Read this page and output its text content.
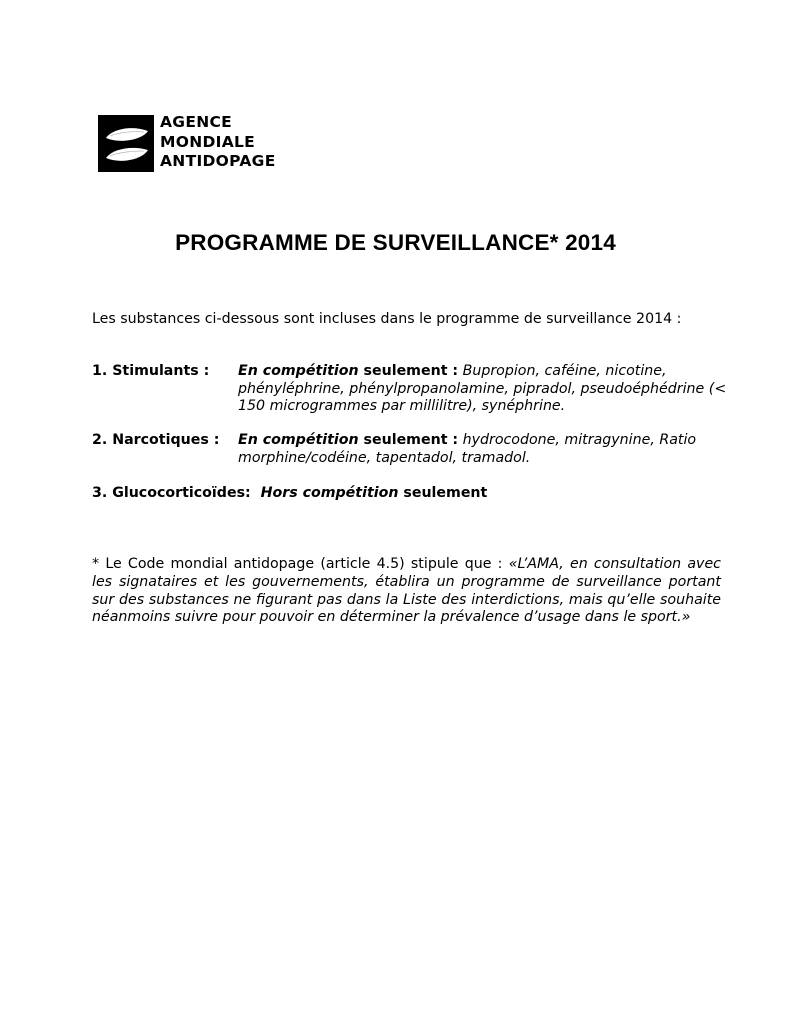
AGENCE
MONDIALE
ANTIDOPAGE
PROGRAMME DE SURVEILLANCE* 2014

Les substances ci-dessous sont incluses dans le programme de surveillance 2014 :

1. Stimulants : En compétition seulement : Bupropion, caféine, nicotine, phényléphrine, phénylpropanolamine, pipradol, pseudoéphédrine (< 150 microgrammes par millilitre), synéphrine.
2. Narcotiques : En compétition seulement : hydrocodone, mitragynine, Ratio morphine/codéine, tapentadol, tramadol.
3. Glucocorticoïdes: Hors compétition seulement

* Le Code mondial antidopage (article 4.5) stipule que : «L’AMA, en consultation avec les signataires et les gouvernements, établira un programme de surveillance portant sur des substances ne figurant pas dans la Liste des interdictions, mais qu’elle souhaite néanmoins suivre pour pouvoir en déterminer la prévalence d’usage dans le sport.»
